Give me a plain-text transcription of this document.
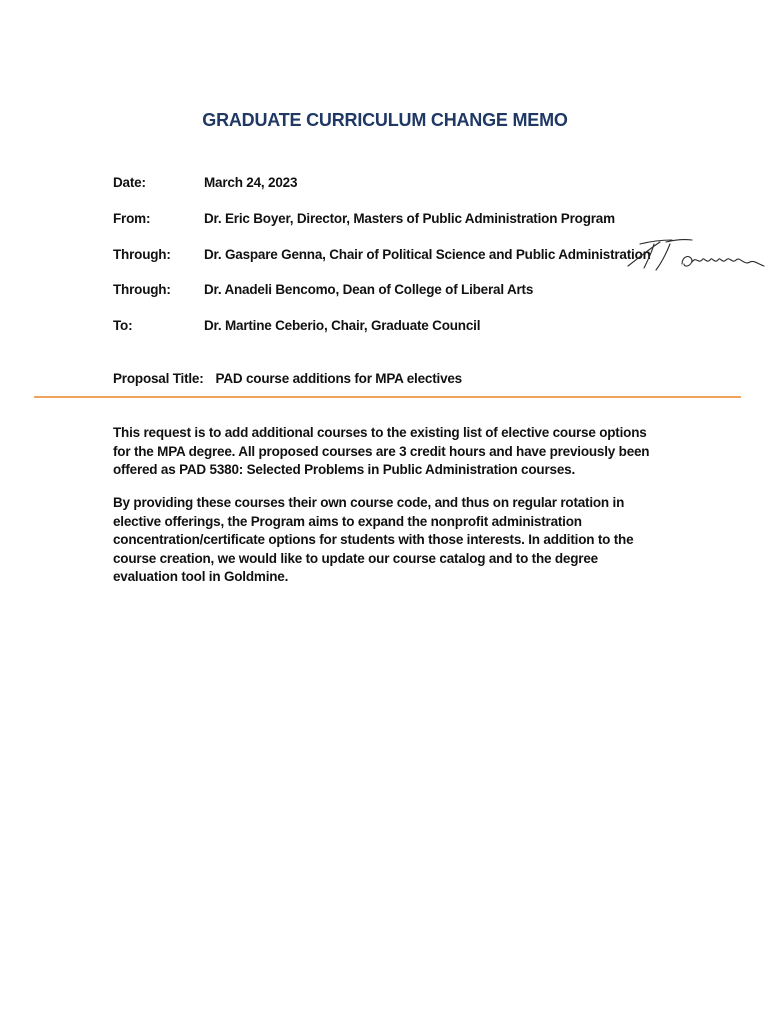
GRADUATE CURRICULUM CHANGE MEMO
Date:	March 24, 2023
From:	Dr. Eric Boyer, Director, Masters of Public Administration Program
Through: Dr. Gaspare Genna, Chair of Political Science and Public Administration
Through: Dr. Anadeli Bencomo, Dean of College of Liberal Arts
To:	Dr. Martine Ceberio, Chair, Graduate Council
Proposal Title: PAD course additions for MPA electives
This request is to add additional courses to the existing list of elective course options for the MPA degree. All proposed courses are 3 credit hours and have previously been offered as PAD 5380: Selected Problems in Public Administration courses.
By providing these courses their own course code, and thus on regular rotation in elective offerings, the Program aims to expand the nonprofit administration concentration/certificate options for students with those interests. In addition to the course creation, we would like to update our course catalog and to the degree evaluation tool in Goldmine.
